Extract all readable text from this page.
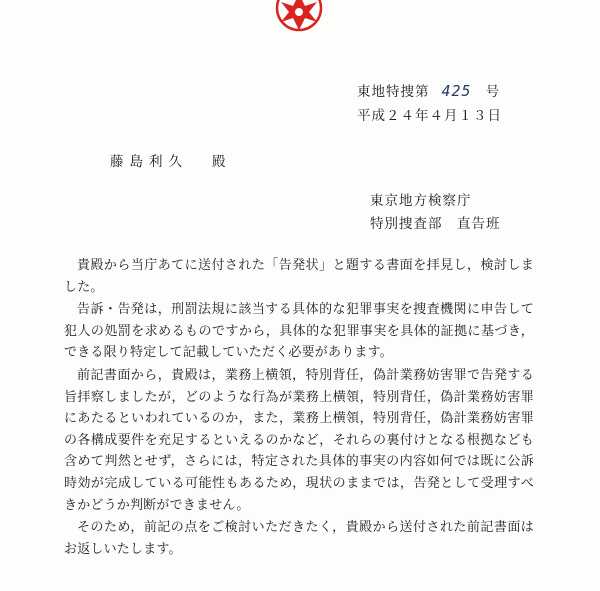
東地特捜第 425 号
平成２４年４月１３日
藤島利久 殿
東京地方検察庁
特別捜査部　直告班

貴殿から当庁あてに送付された「告発状」と題する書面を拝見し，検討しました。

告訴・告発は，刑罰法規に該当する具体的な犯罪事実を捜査機関に申告して犯人の処罰を求めるものですから，具体的な犯罪事実を具体的証拠に基づき，できる限り特定して記載していただく必要があります。

前記書面から，貴殿は，業務上横領，特別背任，偽計業務妨害罪で告発する旨拝察しましたが，どのような行為が業務上横領，特別背任，偽計業務妨害罪にあたるといわれているのか，また，業務上横領，特別背任，偽計業務妨害罪の各構成要件を充足するといえるのかなど，それらの裏付けとなる根拠なども含めて判然とせず，さらには，特定された具体的事実の内容如何では既に公訴時効が完成している可能性もあるため，現状のままでは，告発として受理すべきかどうか判断ができません。

そのため，前記の点をご検討いただきたく，貴殿から送付された前記書面はお返しいたします。
